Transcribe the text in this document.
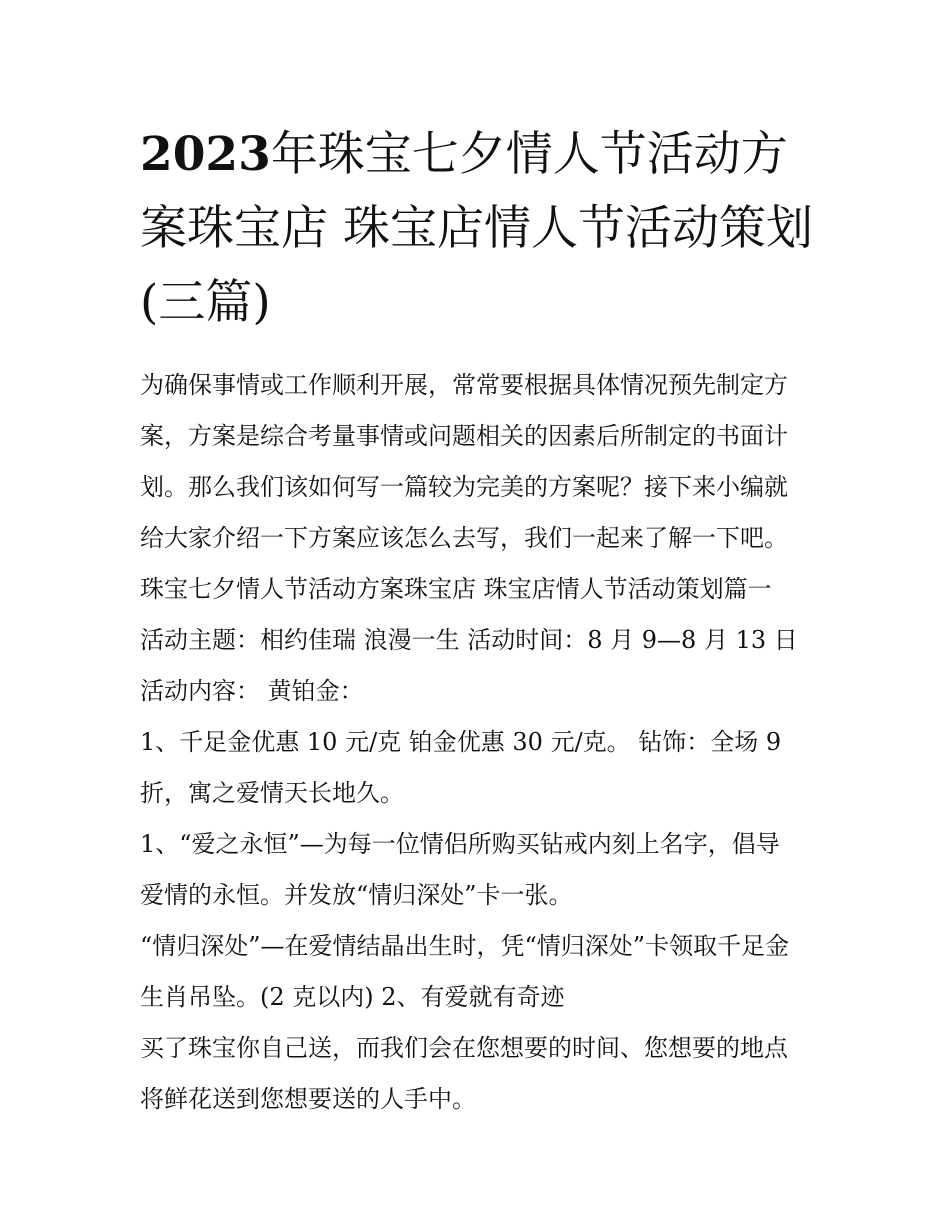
2023年珠宝七夕情人节活动方案珠宝店 珠宝店情人节活动策划(三篇)

为确保事情或工作顺利开展，常常要根据具体情况预先制定方

案，方案是综合考量事情或问题相关的因素后所制定的书面计

划。那么我们该如何写一篇较为完美的方案呢？接下来小编就

给大家介绍一下方案应该怎么去写，我们一起来了解一下吧。

珠宝七夕情人节活动方案珠宝店 珠宝店情人节活动策划篇一

活动主题：相约佳瑞 浪漫一生 活动时间：8 月 9—8 月 13 日

活动内容： 黄铂金：

1、千足金优惠 10 元/克 铂金优惠 30 元/克。 钻饰：全场 9

折，寓之爱情天长地久。

1、“爱之永恒”—为每一位情侣所购买钻戒内刻上名字，倡导

爱情的永恒。并发放“情归深处”卡一张。

“情归深处”—在爱情结晶出生时，凭“情归深处”卡领取千足金

生肖吊坠。(2 克以内) 2、有爱就有奇迹

买了珠宝你自己送，而我们会在您想要的时间、您想要的地点

将鲜花送到您想要送的人手中。
